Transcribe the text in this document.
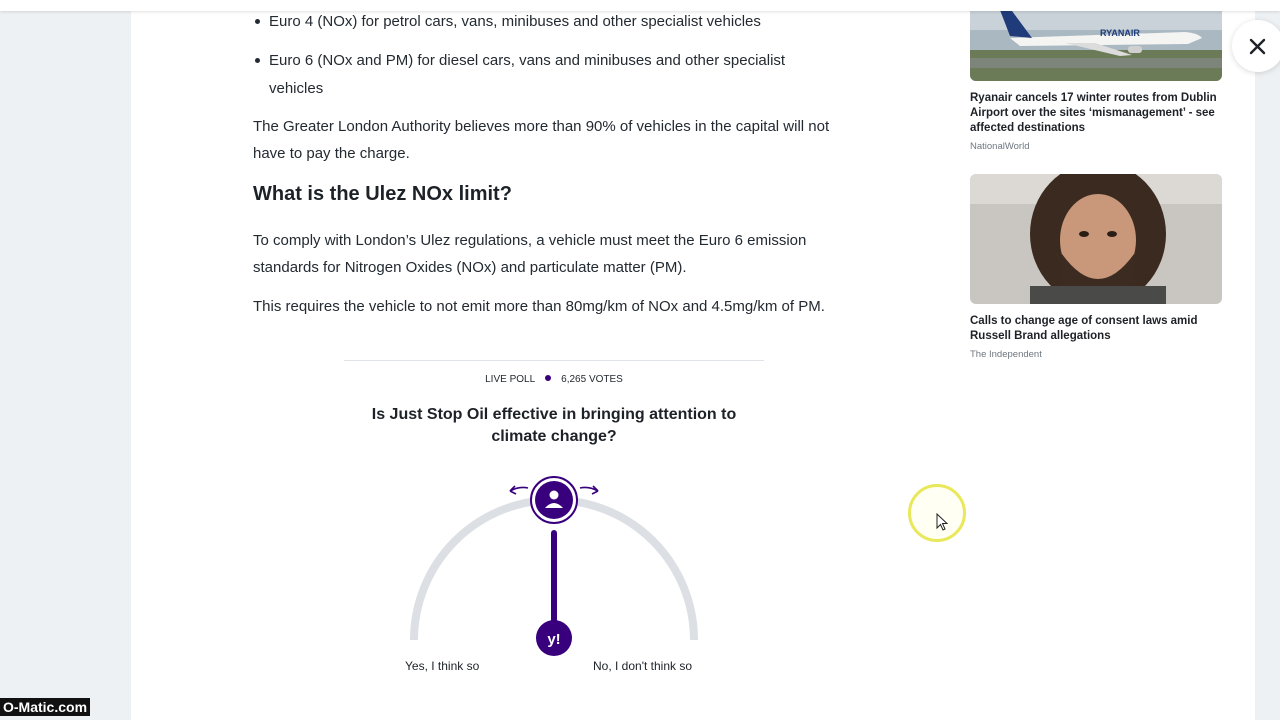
Euro 4 (NOx) for petrol cars, vans, minibuses and other specialist vehicles
Euro 6 (NOx and PM) for diesel cars, vans and minibuses and other specialist vehicles

The Greater London Authority believes more than 90% of vehicles in the capital will not have to pay the charge.

What is the Ulez NOx limit?

To comply with London’s Ulez regulations, a vehicle must meet the Euro 6 emission standards for Nitrogen Oxides (NOx) and particulate matter (PM).

This requires the vehicle to not emit more than 80mg/km of NOx and 4.5mg/km of PM.

LIVE POLL	6,265 VOTES
Is Just Stop Oil effective in bringing attention to climate change?
y!
Yes, I think so	No, I don't think so
RYANAIR
Ryanair cancels 17 winter routes from Dublin Airport over the sites ‘mismanagement’ - see affected destinations
NationalWorld
Calls to change age of consent laws amid Russell Brand allegations
The Independent
O-Matic.com
